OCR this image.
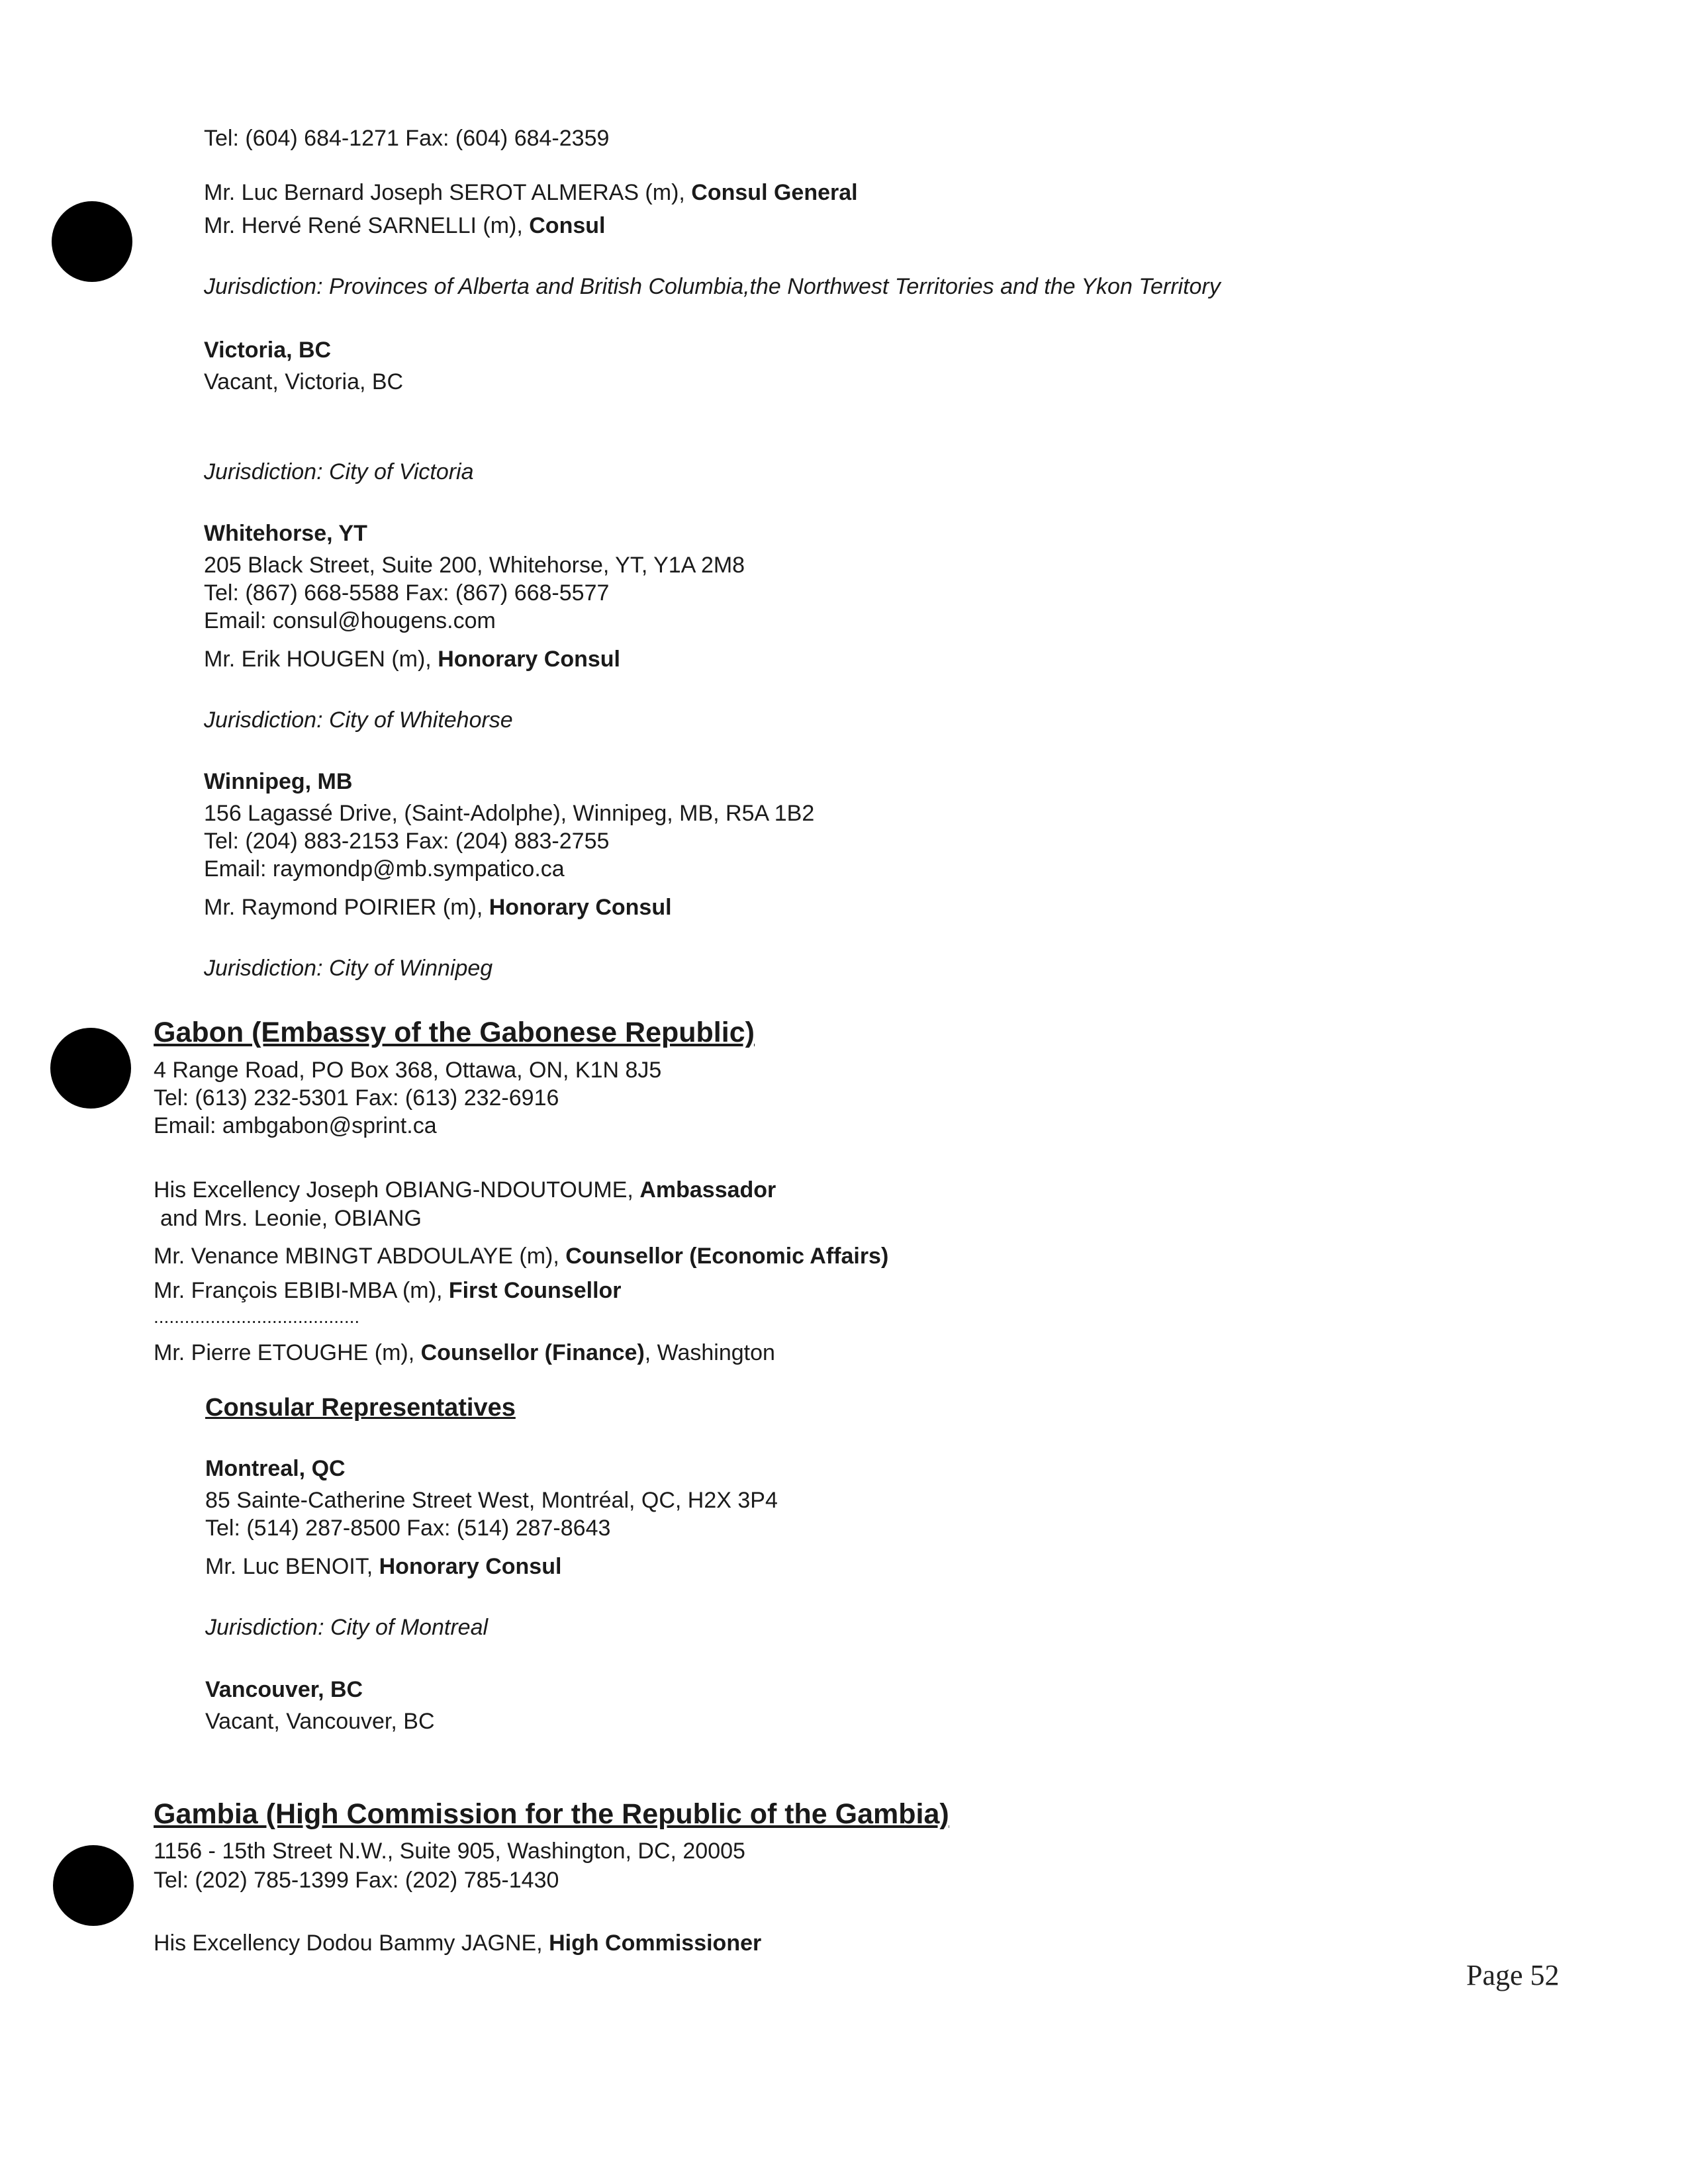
Tel: (604) 684-1271 Fax: (604) 684-2359
Mr. Luc Bernard Joseph SEROT ALMERAS (m), Consul General
Mr. Hervé René SARNELLI (m), Consul
Jurisdiction: Provinces of Alberta and British Columbia,the Northwest Territories and the Ykon Territory
Victoria, BC
Vacant, Victoria, BC
Jurisdiction: City of Victoria
Whitehorse, YT
205 Black Street, Suite 200, Whitehorse, YT, Y1A 2M8
Tel: (867) 668-5588 Fax: (867) 668-5577
Email: consul@hougens.com
Mr. Erik HOUGEN (m), Honorary Consul
Jurisdiction: City of Whitehorse
Winnipeg, MB
156 Lagassé Drive, (Saint-Adolphe), Winnipeg, MB, R5A 1B2
Tel: (204) 883-2153 Fax: (204) 883-2755
Email: raymondp@mb.sympatico.ca
Mr. Raymond POIRIER (m), Honorary Consul
Jurisdiction: City of Winnipeg
Gabon (Embassy of the Gabonese Republic)
4 Range Road, PO Box 368, Ottawa, ON, K1N 8J5
Tel: (613) 232-5301 Fax: (613) 232-6916
Email: ambgabon@sprint.ca
His Excellency Joseph OBIANG-NDOUTOUME, Ambassador
and Mrs. Leonie, OBIANG
Mr. Venance MBINGT ABDOULAYE (m), Counsellor (Economic Affairs)
Mr. François EBIBI-MBA (m), First Counsellor
........................................
Mr. Pierre ETOUGHE (m), Counsellor (Finance), Washington
Consular Representatives
Montreal, QC
85 Sainte-Catherine Street West, Montréal, QC, H2X 3P4
Tel: (514) 287-8500 Fax: (514) 287-8643
Mr. Luc BENOIT, Honorary Consul
Jurisdiction: City of Montreal
Vancouver, BC
Vacant, Vancouver, BC
Gambia (High Commission for the Republic of the Gambia)
1156 - 15th Street N.W., Suite 905, Washington, DC, 20005
Tel: (202) 785-1399 Fax: (202) 785-1430
His Excellency Dodou Bammy JAGNE, High Commissioner
Page 52
